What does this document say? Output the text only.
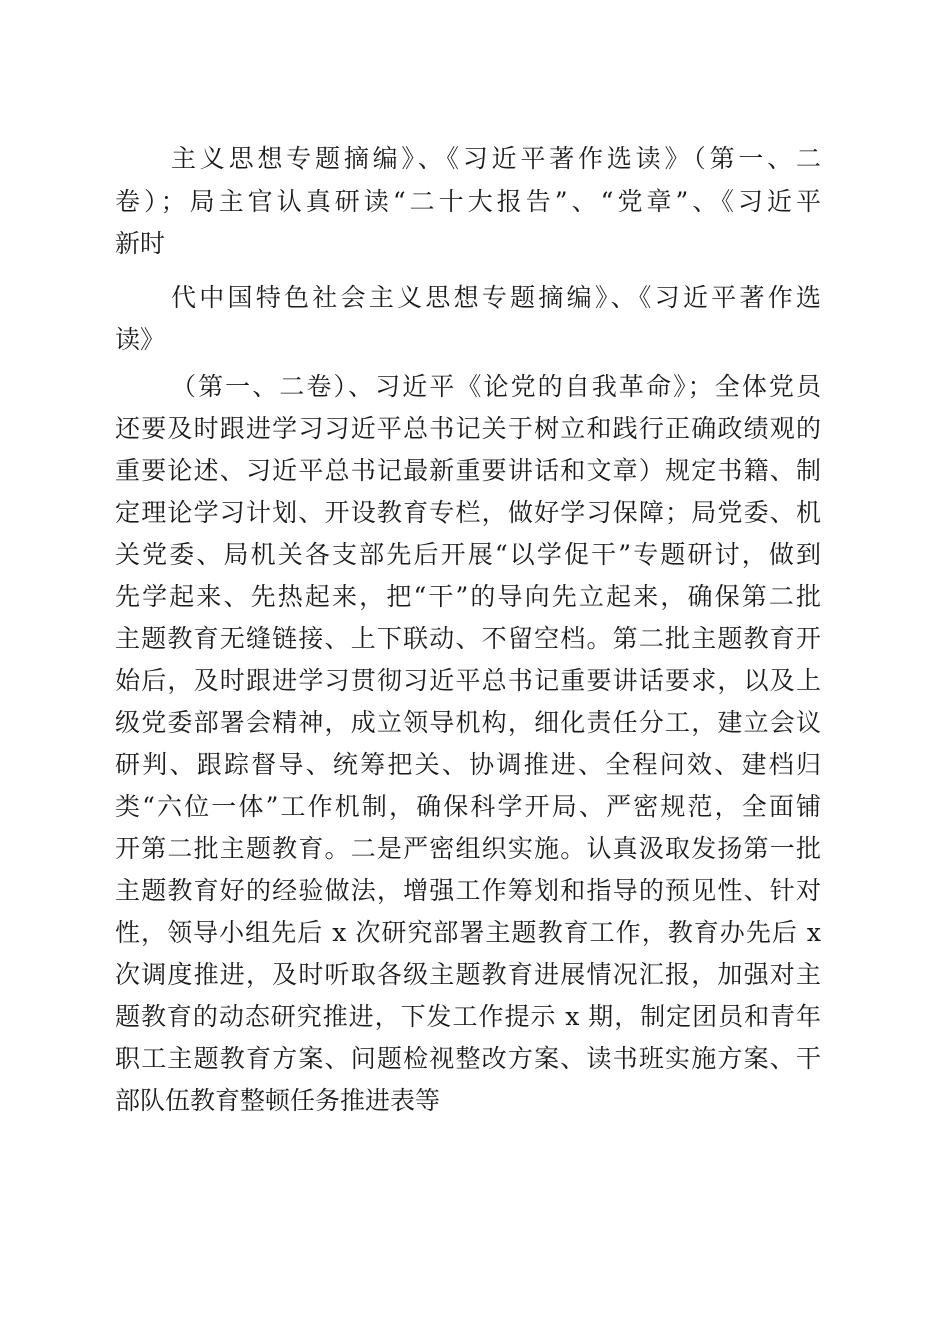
主义思想专题摘编》、《习近平著作选读》（第一、二
卷）；局主官认真研读“二十大报告”、“党章”、《习近平
新时
代中国特色社会主义思想专题摘编》、《习近平著作选
读》
（第一、二卷）、习近平《论党的自我革命》；全体党员
还要及时跟进学习习近平总书记关于树立和践行正确政绩观的
重要论述、习近平总书记最新重要讲话和文章）规定书籍、制
定理论学习计划、开设教育专栏，做好学习保障；局党委、机
关党委、局机关各支部先后开展“以学促干”专题研讨，做到
先学起来、先热起来，把“干”的导向先立起来，确保第二批
主题教育无缝链接、上下联动、不留空档。第二批主题教育开
始后，及时跟进学习贯彻习近平总书记重要讲话要求，以及上
级党委部署会精神，成立领导机构，细化责任分工，建立会议
研判、跟踪督导、统筹把关、协调推进、全程问效、建档归
类“六位一体”工作机制，确保科学开局、严密规范，全面铺
开第二批主题教育。二是严密组织实施。认真汲取发扬第一批
主题教育好的经验做法，增强工作筹划和指导的预见性、针对
性，领导小组先后 x 次研究部署主题教育工作，教育办先后 x
次调度推进，及时听取各级主题教育进展情况汇报，加强对主
题教育的动态研究推进，下发工作提示 x 期，制定团员和青年
职工主题教育方案、问题检视整改方案、读书班实施方案、干
部队伍教育整顿任务推进表等
